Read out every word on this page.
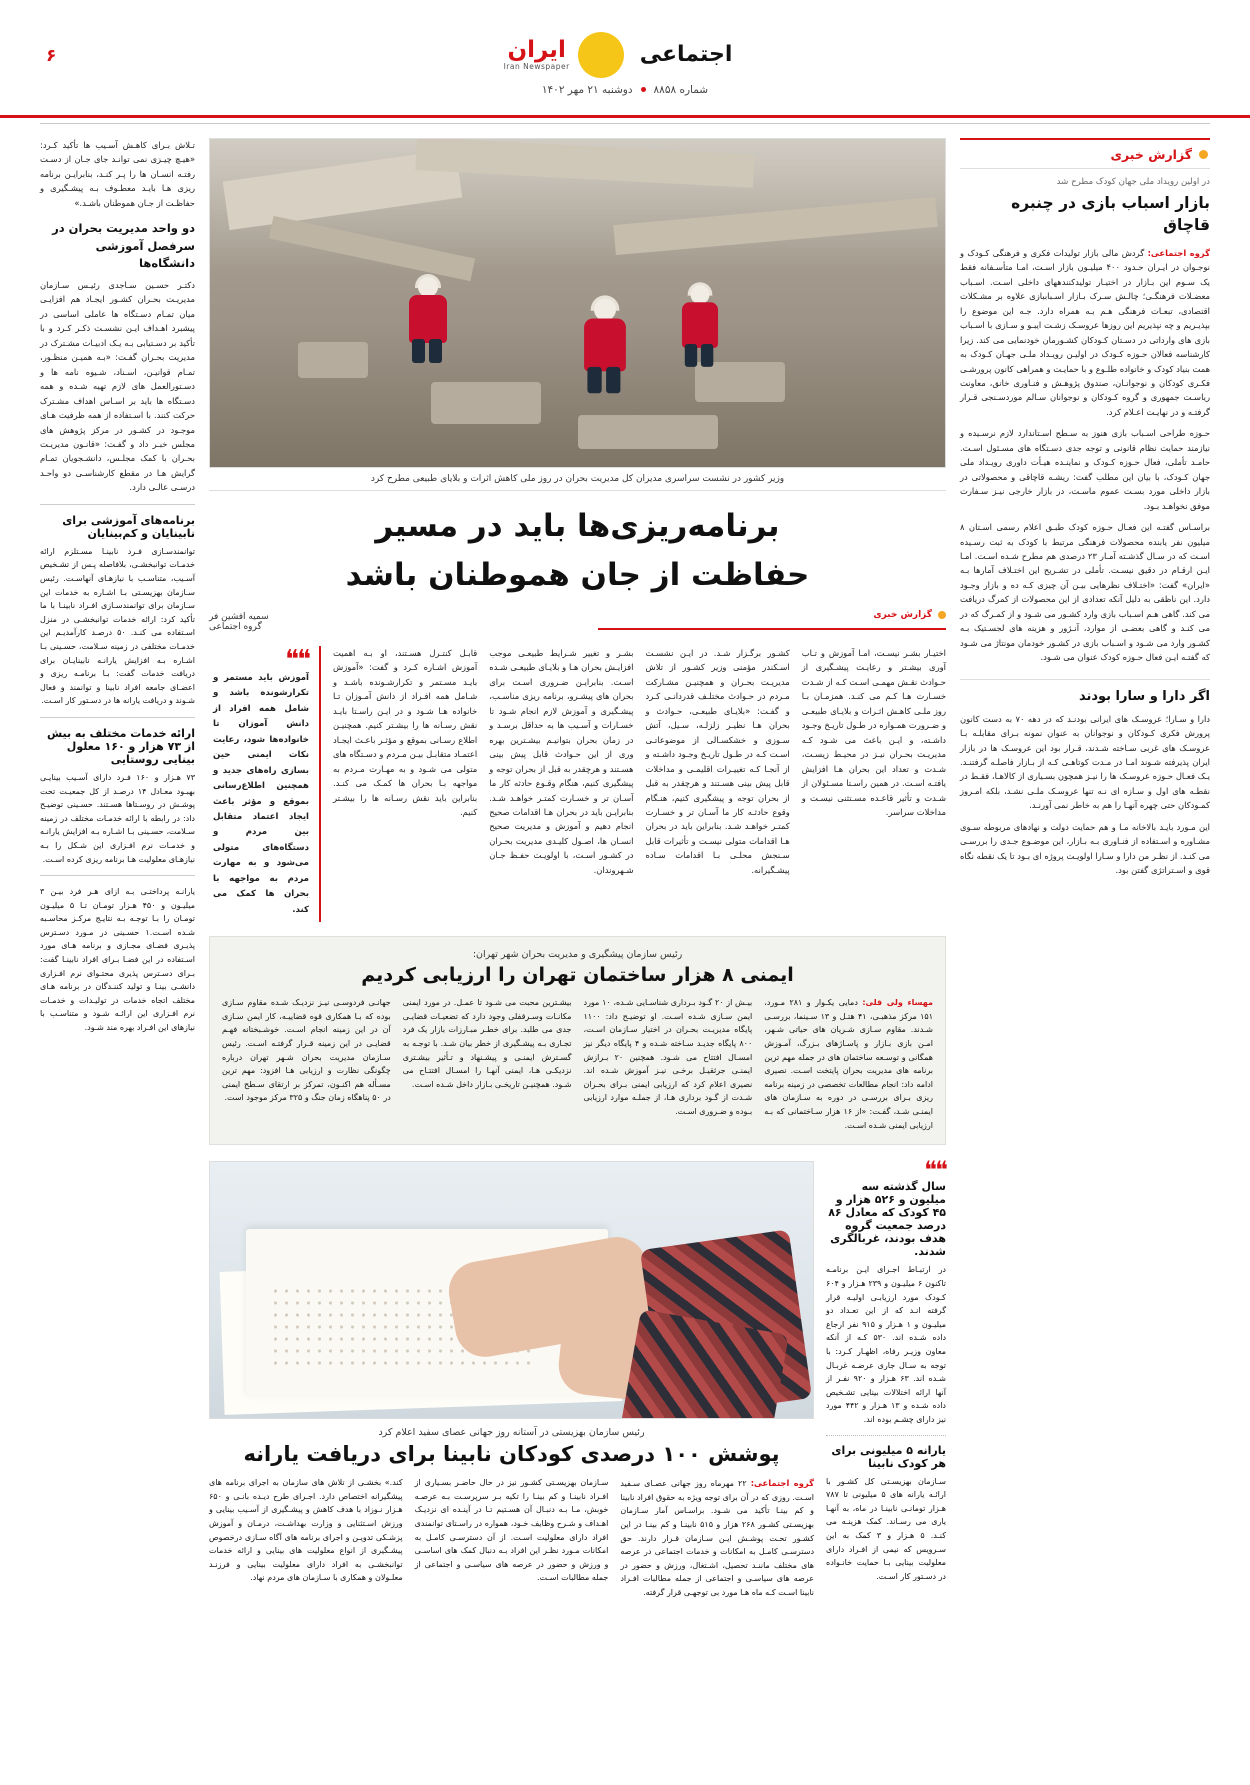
۶	اجتماعی
ایران
Iran Newspaper
شماره ۸۸۵۸
دوشنبه ۲۱ مهر ۱۴۰۲
گزارش خبری
در اولین رویداد ملی جهان کودک مطرح شد
بازار اسباب بازی در چنبره قاچاق

گروه اجتماعی: گردش مالی بازار تولیدات فکری و فرهنگی کـودک و نوجـوان در ایـران حـدود ۴۰۰ میلیـون بازار اسـت، امـا متأسـفانه فقط یک سـوم این بـازار در اختیـار تولیدکنندههای داخلی اسـت. اسـباب معضـلات فرهنگـی؛ چالـش سـرک بـازار اسـباببازی علاوه بر مشـکلات اقتصادی، تبعـات فرهنگی هـم بـه همراه دارد. جـه این موضوع را بپذیـریم و چه نپذیریم این روزها عروسـک زشـت ایبـو و سـازی با اسـباب بازی های وارداتی در دسـتان کـودکان کشـورمان خودنمایی می کند. زیرا کارشناسه فعالان حـوزه کـودک در اولیـن رویـداد ملـی جهـان کـودک به همت بنیاد کودک و خانواده طلـوع و با حمایـت و همراهی کانون پرورشـی فکـری کودکان و نوجوانـان، صندوق پژوهـش و فنـاوری خانق، معاونت ریاسـت جمهوری و گروه کـودکان و نوجوانان سـالم موردسـنجی قـرار گرفتـه و در نهایـت اعـلام کرد.

حـوزه طراحی اسـباب بازی هنوز به سـطح اسـتاندارد لازم نرسـیده و نیازمند حمایت نظام قانونی و توجه جدی دسـتگاه های مسـئول اسـت. حامـد تأملی، فعال حـوزه کـودک و نماینـده هیـأت داوری رویـداد ملی جهان کـودک، با بیان این مطلب گفت: ریشـه قاچاقی و محصولاتی در بازار داخلی مورد بسـت عموم ماسـت، در بازار خارجی نیـز سـفارت موفق نخواهـد بـود.

براسـاس گفتـه این فعـال حـوزه کودک طبـق اعلام رسمی اسـتان ۸ میلیون نفر یابنده محصولات فرهنگی مرتبط با کودک به ثبت رسـیده اسـت که در سـال گذشـته آمـار ۲۳ درصدی هم مطرح شـده اسـت. امـا ایـن ارقـام در دقیق نیسـت. تأملی در تشـریح این اختـلاف آمارها بـه «ایران» گفت: «اختـلاف نظرهایی بیـن آن چیزی کـه ده و بازار وجـود دارد. این ناظقی به دلیل آنکه تعدادی از این محصولات از کمرگ دریافت می کند. گاهی هـم اسـباب بازی وارد کشـور می شـود و از کمـرگ که در می کنـد و گاهی بعضـی از موارد، آنـژور و هزینه های لجسـتیک بـه کشـور وارد می شـود و اسـباب بازی در کشـور خودمان مونتاژ می شـود که گفتـه ایـن فعال حـوزه کودک عنوان می شـود.

اگر دارا و سارا بودند

دارا و سـارا؛ عروسـک های ایرانی بودنـد که در دهه ۷۰ به دست کانون پرورش فکری کـودکان و نوجوانان به عنوان نمونه بـرای مقابلـه بـا عروسـک های غربی سـاخته شـدند، قـرار بود این عروسـک ها در بازار ایران پذیرفته شـوند امـا در مـدت کوتاهـی کـه از بـازار فاصلـه گرفتنـد. یـک فعـال حـوزه عروسـک ها را نیـز همچون بسـیاری از کالاهـا، فقـط در نقطـه های اول و سـازه ای نـه تنها عروسـک ملـی نشـد، بلکه امـروز کمـودکان حتی چهره آنهـا را هم به خاطر نمی آورنـد.

این مـورد بایـد بالاخانه مـا و هم حمایت دولت و نهادهای مربوطه سـوی مشـاوره و اسـتفاده از فنـاوری بـه بـازار، این موضـوع جـدی را بررسـی می کنـد. از نظـر من دارا و سـارا اولویـت پروژه ای بـود تا یک نقطه نگاه قوی و اسـتراتژی گفتن بود.

وزیر کشور در نشست سراسری مدیران کل مدیریت بحران در روز ملی کاهش اثرات و بلایای طبیعی مطرح کرد
برنامه‌ریزی‌ها باید در مسیر
حفاظت از جان هموطنان باشد
گزارش خبری
سمیه افشین فر
گروه اجتماعی
اختیـار بشـر نیسـت، امـا آموزش و تـاب آوری بیشـتر و رعایـت پیشـگیری از حـوادث نقـش مهمـی اسـت کـه از شـدت خسـارت هـا کـم می کنـد. همزمـان بـا روز ملـی کاهـش اثـرات و بلایـای طبیعـی و ضـرورت همـواره در طـول تاریـخ وجـود داشـته، و ایـن باعث می شـود کـه مدیریـت بحـران نیـز در محیـط زیسـت، شـدت و تعداد این بحران هـا افزایش یافتـه اسـت. در همین راسـتا مسـئولان از شـدت و تأثیر قاعـده مسـتثنی نیسـت و مداخلات سراسر.
کشـور برگـزار شـد. در ایـن نشسـت اسـکندر مؤمنی وزیر کشـور از تلاش مدیریـت بحـران و همچنیـن مشـارکت مـردم در حـوادث مختلـف قدردانـی کـرد و گفـت: «بلایـای طبیعـی، حـوادث و بحران هـا نظیـر زلزلـه، سـیل، آتش سـوزی و خشکسـالی از موضوعاتـی اسـت کـه در طـول تاریـخ وجـود داشـته و از آنجـا کـه تغییـرات اقلیمـی و مداخلات قابل پیش بینی هسـتند و هرچقدر به قبل از بحران توجه و پیشگیری کنیم، هنـگام وقوع حادثـه کار ما آسـان تر و خسـارت کمتـر خواهـد شـد. بنابراین باید در بحران هـا اقدامات متولی نیسـت و تأثیرات قابل سـنجش محلـی بـا اقدامات سـاده پیشـگیرانه.
بشـر و تغییر شـرایط طبیعـی موجب افزایـش بحران هـا و بلایـای طبیعـی شـده اسـت. بنابرایـن ضـروری اسـت برای بحران های پیشـرو، برنامه ریزی مناسـب، پیشـگیری و آموزش لازم انجام شـود تا خسـارات و آسـیب ها به حداقل برسـد و در زمان بحران بتوانیـم بیشـترین بهره وری از این حـوادث قابل پیش بینی هسـتند و هرچقدر به قبل از بحران توجه و پیشگیری کنیم، هنگام وقـوع حادثه کار ما آسـان تر و خسـارت کمتـر خواهـد شـد. بنابرایـن باید در بحران هـا اقدامات صحیح انجام دهیم و آموزش و مدیریت صحیح انسـان ها، اصـول کلیـدی مدیریت بحـران در کشـور اسـت، با اولویـت حفـظ جـان شـهروندان.
قابـل کنتـرل هسـتند، او بـه اهمیت آموزش اشـاره کـرد و گفت: «آموزش بایـد مسـتمر و تکرارشـونده باشـد و شـامل همه افـراد از دانش آمـوزان تـا خانواده هـا شـود و در ایـن راسـتا بایـد نقش رسـانه ها را بیشـتر کنیم. همچنیـن اطلاع رسـانی بموقع و مؤثـر باعـث ایجـاد اعتمـاد متقابـل بیـن مـردم و دسـتگاه های متولی می شـود و به مهـارت مـردم به مواجهه بـا بحران ها کمـک می کنـد. بنابراین باید نقش رسـانه ها را بیشـتر کنیم.
❝❝
آموزش باید مستمر و تکرارشونده باشد و شامل همه افراد از دانش آموزان تا خانواده‌ها شود، رعایت نکات ایمنی حین بسازی راه‌های جدید و همچنین اطلاع‌رسانی بموقع و مؤثر باعث ایجاد اعتماد متقابل بین مردم و دستگاه‌های متولی می‌شود و به مهارت مردم به مواجهه با بحران ها کمک می کند.
رئیس سازمان پیشگیری و مدیریت بحران شهر تهران:
ایمنی ۸ هزار ساختمان تهران را ارزیابی کردیم
مهساء ولی قلی: دمایی یکـوار و ۲۸۱ مـورد، ۱۵۱ مرکز مذهبـی، ۴۱ هتـل و ۱۳ سـینما، بررسـی شـدند. مقاوم سـازی شـریان های حیاتی شـهر، امـن بازی بـازار و پاسـاژهای بـزرگ، آمـوزش همگانی و توسـعه ساختمان های در جمله مهم ترین برنامه های مدیریت بحران پایتخت اسـت. نصیری ادامه داد: انجام مطالعات تخصصی در زمینه برنامه ریزی بـرای بررسـی در دوره به سـازمان های ایمنـی شـد، گفـت: «از ۱۶ هزار سـاختمانی که بـه ارزیابی ایمنی شـده اسـت.
بیـش از ۲۰ گـود بـرداری شناسـایی شـده، ۱۰ مورد ایمن سـازی شـده اسـت. او توضیـح داد: ۱۱۰۰ پایگاه مدیریـت بحـران در اختیار سـازمان اسـت، ۸۰۰ پایگاه جدیـد سـاخته شـده و ۴ پایگاه دیگر نیز امسـال افتتاح می شـود. همچنین ۲۰ بـرازش ایمنـی جرثقیـل برخـی نیـز آموزش شـده اند. نصیری اعلام کرد که ارزیابی ایمنی بـرای بحـران شـدت از گـود برداری هـا، از جملـه موارد ارزیابی بـوده و ضـروری اسـت.
بیشـترین محبت می شـود تا عمـل. در مورد ایمنی مکانـات وسـرقفلی وجود دارد که تضعیـات قضایـی جدی می طلبد. برای خطـر مبـارزات بازار یک فرد تجـاری بـه پیشـگیری از خطر بیان شـد. با توجـه به گسـترش ایمنـی و پیشـنهاد و تـأثیر بیشـتری نزدیکـی هـا، ایمنی آنهـا را امسـال افتتـاح می شـود. همچنیـن تاریخـی بـازار داخل شـده اسـت.
جهانـی فردوسـی نیـز نزدیـک شـده مقاوم سـازی بوده که بـا همکاری قوه قضاییـه، کار ایمن سـازی آن در این زمینه انجام اسـت. خوشـبختانه فهـم قضایـی در این زمینه قـرار گرفتـه اسـت. رئیس سـازمان مدیریت بحران شـهر تهران درباره چگونگی نظارت و ارزیابی هـا افزود: مهم ترین مسـأله هم اکنـون، تمرکز بر ارتقای سـطح ایمنی در ۵۰ پناهگاه زمان جنگ و ۳۲۵ مرکز موجود است.
❝❝
سال گذشته سه میلیون و ۵۲۶ هزار و ۴۵ کودک که معادل ۸۶ درصد جمعیت گروه هدف بودند، غربالگری شدند.
در ارتبـاط اجـرای ایـن برنامـه تاکنون ۶ میلیـون و ۲۳۹ هـزار و ۶۰۴ کـودک مورد ارزیابـی اولیـه قرار گرفته انـد که از این تعـداد دو میلیـون و ۱ هـزار و ۹۱۵ نفر ارجاع داده شـده اند. ۵۳۰ کـه از آنکه معاون وزیـر رفاه، اظهـار کـرد: با توجه به سـال جاری عرضـه غربـال شـده اند. ۶۳ هـزار و ۹۲۰ نفـر از آنها ارائه اختلالات بینایی تشـخیص داده شـده و ۱۳ هـزار و ۴۴۲ مورد نیز دارای چشـم بوده اند.
یارانه ۵ میلیونی برای هر کودک نابینا
سـازمان بهزیسـتی کل کشـور با ارائـه یارانه های ۵ میلیونی تا ۷۸۷ هـزار تومانـی نابینـا در ماه، به آنهـا یاری می رسـاند. کمک هزینـه می کنـد. ۵ هـزار و ۳ کمک به این سـرویس که نیمی از افـراد دارای معلولیت بینایی بـا حمایت خانـواده در دسـتور کار اسـت.
رئیس سازمان بهزیستی در آستانه روز جهانی عصای سفید اعلام کرد
پوشش ۱۰۰ درصدی کودکان نابینا برای دریافت یارانه
گروه اجتماعی: ۲۲ مهرماه روز جهانی عصـای سـفید اسـت. روزی که در آن برای توجه ویژه به حقوق افراد نابینا و کم بینـا تأکید می شـود. براسـاس آمار سـازمان بهزیسـتی کشـور ۲۶۸ هزار و ۵۱۵ نابینـا و کم بینـا در این کشـور تحـت پوشـش ایـن سـازمان قـرار دارند. حق دسترسـی کامـل به امکانات و خدمات اجتماعی در عرصه های مختلف ماننـد تحصیل، اشـتغال، ورزش و حضور در عرصه های سیاسـی و اجتماعی از جمله مطالبات افـراد نابینا اسـت کـه ماه هـا مورد بی توجهـی قرار گرفته.
سـازمان بهزیسـتی کشـور نیز در حال حاضـر بسـیاری از افـراد نابینـا و کم بینـا را تکیه بـر سرپرسـت بـه عرصـه خوبش، مـا بـه دنبـال آن هسـتیم تـا در آینـده ای نزدیـک اهـداف و شـرح وظایف خـود، همواره در راسـتای توانمندی افراد دارای معلولیت اسـت. از آن دسترسـی کامـل به امکانات مـورد نظـر این افراد بـه دنبال کمک های اساسـی و ورزش و حضور در عرصه های سیاسـی و اجتماعی از جمله مطالبات اسـت.
کند.» بخشـی از تلاش های سازمان به اجرای برنامه های پیشگیرانه اختصاص دارد. اجـرای طرح دیـده بانـی و ۶۵۰ هـزار نـوزاد با هدف کاهش و پیشـگیری از آسـیب بینایی و ورزش اسـتثنایی و وزارت بهداشـت، درمـان و آموزش پزشـکی تدویـن و اجرای برنامه های آگاه سـازی درخصوص پیشـگیری از انواع معلولیت های بینایی و ارائه خدمات توانبخشـی به افراد دارای معلولیت بینایی و فرزنـد معلـولان و همکاری با سـازمان های مردم نهاد.
تـلاش بـرای کاهـش آسـیب ها تأکید کـرد: «هیـچ چیـزی نمی توانـد جای جـان از دسـت رفتـه انسـان ها را پـر کنـد، بنابرایـن برنامه ریزی هـا بایـد معطـوف بـه پیشـگیری و حفاظـت از جـان هموطنان باشـد.»
دو واحد مدیریت بحران در سرفصل آموزشی دانشگاه‌ها
دکتـر حسـین سـاجدی رئیـس سـازمان مدیریـت بحـران کشـور ایجـاد هم افزایـی میان تمـام دسـتگاه ها عاملی اساسی در پیشبرد اهـداف ایـن نشسـت ذکـر کـرد و با تأکید بر دسـتیابی بـه یـک ادبیـات مشـترک در مدیریت بحـران گفـت: «بـه همیـن منظـور، تمـام قوانیـن، اسـناد، شـیوه نامه ها و دسـتورالعمل های لازم تهیه شـده و همه دسـتگاه ها باید بر اسـاس اهداف مشـترک حرکت کنند. با اسـتفاده از همه ظرفیت هـای موجـود در کشـور در مرکز پژوهش های مجلس خبـر داد و گفـت: «قانـون مدیریـت بحـران با کمک مجلـس، دانشـجویان تمـام گرایش هـا در مقطع کارشناسـی دو واحـد درسـی عالـی دارد.
برنامه‌های آموزشی برای نابینایان و کم‌بینایان
توانمندسـازی فـرد نابینـا مسـتلزم ارائه خدمـات توانبخشـی، بلافاصله پـس از تشـخیص آسـیب، متناسـب با نیازهـای آنهاسـت. رئیس سـازمان بهزیسـتی بـا اشـاره به خدمات این سـازمان برای توانمندسـازی افـراد نابینـا با ما تأکید کرد: ارائه خدمات توانبخشـی در منزل اسـتفاده می کنـد. ۵۰ درصـد کارآمدیـم این خدمـات مختلفی در زمینه سـلامت، حسـینی بـا اشـاره بـه افزایش یارانـه نابینایـان برای دریافت خدمات گفت: بـا برنامـه ریزی و اعضـای جامعه افراد نابینا و توانمند و فعال شـوند و دریافت یارانه ها در دسـتور کار اسـت.
ارائه خدمات مختلف به بیش از ۷۳ هزار و ۱۶۰ معلول بینایی روستایی
۷۳ هـزار و ۱۶۰ فـرد دارای آسـیب بینایـی بهبـود معـادل ۱۴ درصـد از کل جمعیـت تحت پوشـش در روسـتاها هسـتند. حسـینی توضیـح داد: در رابطه با ارائه خدمـات مختلف در زمینه سـلامت، حسـینی بـا اشـاره بـه افزایش یارانـه و خدمـات نرم افـزاری این شـکل را بـه نیازهـای معلولیت هـا برنامه ریزی کرده اسـت.
یارانـه پرداختـی بـه ازای هـر فرد بیـن ۳ میلیـون و ۴۵۰ هـزار تومـان تـا ۵ میلیـون تومـان را بـا توجـه بـه نتایـج مرکـز محاسـبه شـده اسـت.۱ حسـینی در مـورد دسـترس پذیـری فضـای مجـازی و برنامه هـای مورد اسـتفاده در این فضـا بـرای افراد نابینـا گفت: بـرای دسـترس پذیری محتـوای نرم افـزاری دانشـی بینـا و تولید کننـدگان در برنامه هـای مختلف اتجاه خدمات در تولیـدات و خدمـات نرم افـزاری این ارائـه شـود و متناسـب با نیازهای این افـراد بهره مند شـود.
